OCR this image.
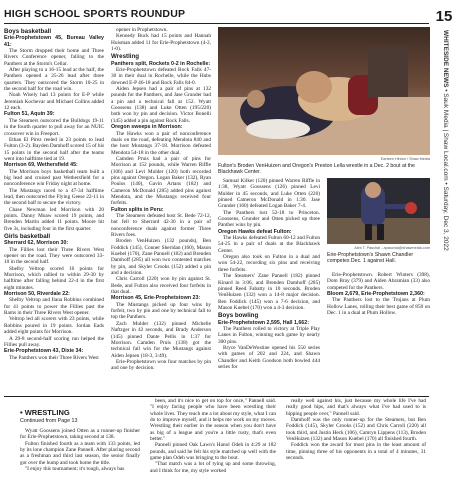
HIGH SCHOOL SPORTS ROUNDUP	15
WHITESIDE NEWS • Sauk Media | Shaw Local.com • Saturday, Dec 3, 2022

Boys basketball

Erie-Prophetstown 45, Bureau Valley 41:

The Storm dropped their home and Three Rivers Conference opener, falling to the Panthers at the Storm's Cellar.

After playing to a 16-15 lead at the half, the Panthers opened a 25-26 lead after three quarters. They outscored the Storm 10-25 in the second half for the road win.

Noah Wisely had 13 points for E-P while Jeremiah Kochevar and Michael Collins added 12 each.

Fulton 51, Aquin 39:

The Steamers outscored the Bulldogs 19-11 in the fourth quarter to pull away for an NUIC crossover win in Freeport.

Ethan El Pirez reeled in 23 points to lead Fulton (3-2). Bayden Damhoff scored 15 of his 15 points in the second half after the teams went into halftime tied at 19.

Morrison 69, Wethersfield 45:

The Morrison boys basketball team built a big lead and cruised past Wethersfield for a nonconference win Friday night at home.

The Mustangs raced to a 47-34 halftime lead, then outscored the Flying Geese 22-11 in the second half to secure the victory.

Chase Newman led Morrison with 20 points. Danny Moaw scored 19 points, and Brenden Martin added 11 points. Moore hit five 3s, including four in the first quarter.

Girls basketball

Sherrard 62, Morrison 30:

The Fillies lost their Three Rivers West opener on the road. They were outscored 33-10 in the second half.

Shelby Veltrop scored 16 points for Morrison, which rallied to within 29-30 by halftime after falling behind 22-4 in the first eight minutes.

Morrison 50, Riverdale 22:

Shelby Veltrop and Ilana Robbins combined for 41 points to power the Fillies past the Rams in their Three Rivers West opener.

Veltrop led all scorers with 23 points, while Robbins poured in 19 points. Jordan Eads added eight points for Morrison.

A 29-8 second-half scoring run helped the Fillies pull away.

Erie-Prophetstown 43, Dixie 34:

The Panthers won their Three Rivers West

opener in Prophetstown.

Kennedy Buck had 15 points and Hannah Huisman added 11 for Erie-Prophetstown (4-2, 1-0).

Wrestling

Panthers split, Rockets 0-2 in Rochelle:

Erie-Prophetstown defeated Rock Falls 47-30 in their dual in Rochelle, while the Hubs downed E-P 46-18 and Rock Falls 84-0.

Aiden Jepsen had a pair of pins at 132 pounds for the Panthers, and Jase Grunder had a pin and a technical fall at 152. Wyatt Goossens (138) and Luke Otten (195/220) both won by pin and decision. Victor Bonelli (145) added a pin against Rock Falls.

Oregon sweeps in Morrison:

The Hawks won a pair of nonconference duals on the road, defeating Mendota 840 and the host Mustangs 37-18. Morrison defeated Mendota 54-18 in the other dual.

Camden Pruis had a pair of pins for Morrison at 152 pounds, while Warren Riffle (106) and Levi Mulder (120) both recorded pins against Oregon. Logan Baker (132), Ryan Poulos (140), Gavin Artans (182) and Cameron McDonald (285) added pins against Mendota, and the Mustangs received four forfeits.

Fulton splits in Peru:

The Steamers defeated host St. Bede 72-12, but fell to Sherrard 42-30 in a pair of nonconference duals against former Three Rivers foes.

Broden VenHuizen (132 pounds), Ben Foddick (145), Conner Sheridan (160), Mason Kuebel (170), Zane Pannell (182) and Brenden Damhoff (285) all won two contested matches by pin, and Skyler Crooks (152) added a pin and a decision.

Chris Carroll (220) won by pin against St. Bede, and Fulton also received four forfeits in that dual.

Morrison 45, Erie-Prophetstown 23:

The Mustangs picked up four wins by forfeit, two by pin and one by technical fall to top the Panthers.

Zach Mulder (132) pinned Michelle Naftzger in 42 seconds, and Brady Anderson (145) pinned Dante Pellis in 1:37 for Morrison. Camden Pruis (138) got the technical fall win for the Mustangs against Aiden Jepsen (18-3, 3:49).

Erie-Prophetstown won four matches by pin and one by decision.

Earleen Hinton / Shaw Media
Fulton's Broden VenHuizen and Oregon's Preston Lella wrestle in a Dec. 2 bout at the Blackhawk Center.

Samual Kilker (120) pinned Warren Riffle in 1:38, Wyatt Goossens (126) pinned Levi Mulder in 45 seconds, and Luke Otten (220) pinned Cameron McDonald in 1:30. Jase Grunder (160) defeated Logan Baker 7-4.

The Panthers lost 52-18 to Princeton. Goossens, Grunder and Otten picked up three Panther wins by pin.

Oregon Hawks defeat Fulton:

The Hawks defeated Fulton 60-12 and Fulton 54-25 in a pair of duals at the Blackhawk Center.

Oregon also took on Fulton in a dual and won 54-22, recording six pins and receiving three forfeits.

The Steamers' Zane Pannell (182) pinned Kinard in 3:06, and Brenden Damhoff (285) pinned Reed Fabatty in 10 seconds. Broden VenHuizen (132) won a 14-8 major decision. Ben Foddick (145) won a 7-6 decision, and Mason Kuebel (170) won a 4-3 decision.

Boys bowling

Erie-Prophetstown 2,595, Hall 1,662:

The Panthers rolled to victory at Triple Play Lanes in Fulton, winning each game by nearly 300 pins.

Bryce VanDeWostine opened his 550 series with games of 202 and 224, and Shawn Chandler and Keith Goodson both bowled 444 series for

Alex T. Paschal - apaschal@shawmedia.com
Erie-Prophetstown's Shawn Chandler competes Dec. 1 against Hall.

Erie-Prophetstown. Robert Winters (398), Dom Bray (379) and Aiden Abramian (33) also competed for the Panthers.

Bloom 2,679, Erie-Prophetstown 2,360:

The Panthers lost to the Trojans at Plum Hollow Lanes, rolling their best game of 850 on Dec. 1 in a dual at Plum Hollow.

• WRESTLING
Continued from Page 13

Wyatt Goossens joined Otten as a runner-up finisher for Erie-Prophetstown, taking second at 138.

Fulton finished fourth as a team with 133 points, led by its lone champion Zane Pannell. After placing second as a freshman and third last season, the senior finally got over the hump and took home the title.

"I enjoy this tournament; it's tough, always has

been, and it's nice to get on top for once," Pannell said. "I enjoy facing people who have been wrestling their whole lives. They teach me a lot about my style, what I can do to improve myself, and it helps me work on my moves. Wrestling their earlier in the season when you don't have as big of a league and you're a little rusty, that's even better."

Pannell pinned Oak Lawn's Hanol Odeh in 4:29 at 182 pounds, and said he felt his style matched up well with the game plan Odeh was bringing to the bout.

"That match was a lot of tying up and some throwing, and I think for me, my style worked

really well against his, just because my whole life I've had really good hips, and that's always what I've had used to is hipping people over," Pannell said.

Damhoff was the only runner-up for the Steamers, but Ben Foddick (145), Skyler Crooks (152) and Chris Carroll (220) all took third, and Justin Heck (106), Camryn Lippens (113), Broden VenHuizen (132) and Mason Kuebel (170) all finished fourth.

Foddick won the award for most pins in the least amount of time, pinning three of his opponents in a total of 4 minutes, 31 seconds.
